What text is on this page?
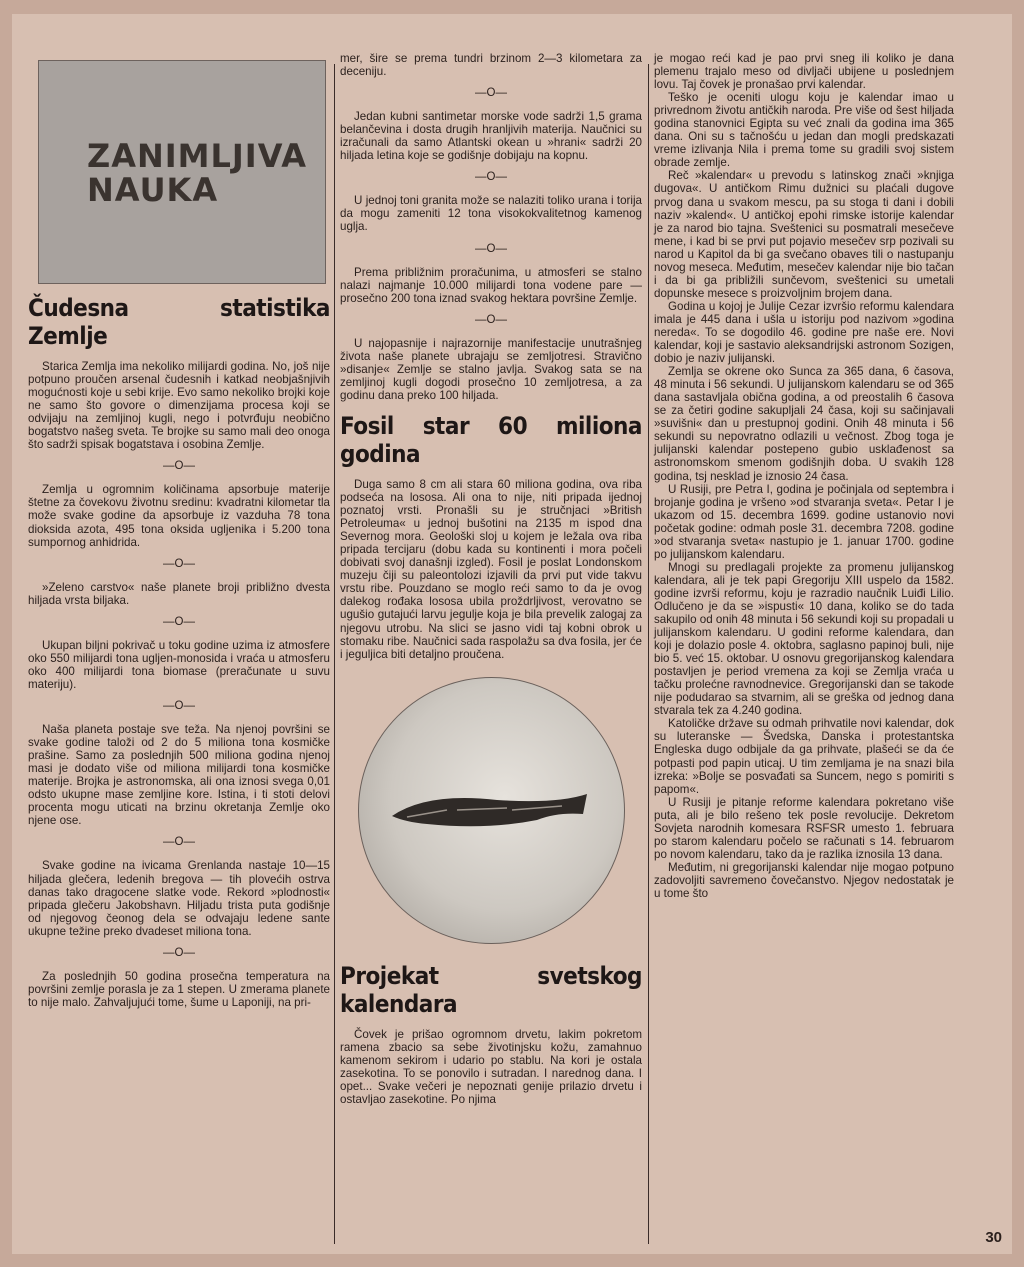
ZANIMLJIVA
NAUKA
Čudesna statistika Zemlje

Starica Zemlja ima nekoliko milijardi godina. No, još nije potpuno proučen arsenal čudesnih i katkad neobjašnjivih mogućnosti koje u sebi krije. Evo samo nekoliko brojki koje ne samo što govore o dimenzijama procesa koji se odvijaju na zemljinoj kugli, nego i potvrđuju neobično bogatstvo našeg sveta. Te brojke su samo mali deo onoga što sadrži spisak bogatstava i osobina Zemlje.

—O—

Zemlja u ogromnim količinama apsorbuje materije štetne za čovekovu životnu sredinu: kvadratni kilometar tla može svake godine da apsorbuje iz vazduha 78 tona dioksida azota, 495 tona oksida ugljenika i 5.200 tona sumpornog anhidrida.

—O—

»Zeleno carstvo« naše planete broji približno dvesta hiljada vrsta biljaka.

—O—

Ukupan biljni pokrivač u toku godine uzima iz atmosfere oko 550 milijardi tona ugljen-monosida i vraća u atmosferu oko 400 milijardi tona biomase (preračunate u suvu materiju).

—O—

Naša planeta postaje sve teža. Na njenoj površini se svake godine taloži od 2 do 5 miliona tona kosmičke prašine. Samo za poslednjih 500 miliona godina njenoj masi je dodato više od miliona milijardi tona kosmičke materije. Brojka je astronomska, ali ona iznosi svega 0,01 odsto ukupne mase zemljine kore. Istina, i ti stoti delovi procenta mogu uticati na brzinu okretanja Zemlje oko njene ose.

—O—

Svake godine na ivicama Grenlanda nastaje 10—15 hiljada glečera, ledenih bregova — tih plovećih ostrva danas tako dragocene slatke vode. Rekord »plodnosti« pripada glečeru Jakobshavn. Hiljadu trista puta godišnje od njegovog čeonog dela se odvajaju ledene sante ukupne težine preko dvadeset miliona tona.

—O—

Za poslednjih 50 godina prosečna temperatura na površini zemlje porasla je za 1 stepen. U zmerama planete to nije malo. Zahvaljujući tome, šume u Laponiji, na pri-

mer, šire se prema tundri brzinom 2—3 kilometara za deceniju.

—O—

Jedan kubni santimetar morske vode sadrži 1,5 grama belančevina i dosta drugih hranljivih materija. Naučnici su izračunali da samo Atlantski okean u »hrani« sadrži 20 hiljada letina koje se godišnje dobijaju na kopnu.

—O—

U jednoj toni granita može se nalaziti toliko urana i torija da mogu zameniti 12 tona visokokvalitetnog kamenog uglja.

—O—

Prema približnim proračunima, u atmosferi se stalno nalazi najmanje 10.000 milijardi tona vodene pare — prosečno 200 tona iznad svakog hektara površine Zemlje.

—O—

U najopasnije i najrazornije manifestacije unutrašnjeg života naše planete ubrajaju se zemljotresi. Stravično »disanje« Zemlje se stalno javlja. Svakog sata se na zemljinoj kugli dogodi prosečno 10 zemljotresa, a za godinu dana preko 100 hiljada.

Fosil star 60 miliona godina

Duga samo 8 cm ali stara 60 miliona godina, ova riba podseća na lososa. Ali ona to nije, niti pripada ijednoj poznatoj vrsti. Pronašli su je stručnjaci »British Petroleuma« u jednoj bušotini na 2135 m ispod dna Severnog mora. Geološki sloj u kojem je ležala ova riba pripada tercijaru (dobu kada su kontinenti i mora počeli dobivati svoj današnji izgled). Fosil je poslat Londonskom muzeju čiji su paleontolozi izjavili da prvi put vide takvu vrstu ribe. Pouzdano se moglo reći samo to da je ovog dalekog rođaka lososa ubila proždrljivost, verovatno se ugušio gutajući larvu jegulje koja je bila prevelik zalogaj za njegovu utrobu. Na slici se jasno vidi taj kobni obrok u stomaku ribe. Naučnici sada raspolažu sa dva fosila, jer će i jeguljica biti detaljno proučena.

Projekat svetskog kalendara

Čovek je prišao ogromnom drvetu, lakim pokretom ramena zbacio sa sebe životinjsku kožu, zamahnuo kamenom sekirom i udario po stablu. Na kori je ostala zasekotina. To se ponovilo i sutradan. I narednog dana. I opet... Svake večeri je nepoznati genije prilazio drvetu i ostavljao zasekotine. Po njima

je mogao reći kad je pao prvi sneg ili koliko je dana plemenu trajalo meso od divljači ubijene u poslednjem lovu. Taj čovek je pronašao prvi kalendar.

Teško je oceniti ulogu koju je kalendar imao u privrednom životu antičkih naroda. Pre više od šest hiljada godina stanovnici Egipta su već znali da godina ima 365 dana. Oni su s tačnošću u jedan dan mogli predskazati vreme izlivanja Nila i prema tome su gradili svoj sistem obrade zemlje.

Reč »kalendar« u prevodu s latinskog znači »knjiga dugova«. U antičkom Rimu dužnici su plaćali dugove prvog dana u svakom mescu, pa su stoga ti dani i dobili naziv »kalend«. U antičkoj epohi rimske istorije kalendar je za narod bio tajna. Sveštenici su posmatrali mesečeve mene, i kad bi se prvi put pojavio mesečev srp pozivali su narod u Kapitol da bi ga svečano obaves tili o nastupanju novog meseca. Međutim, mesečev kalendar nije bio tačan i da bi ga približili sunčevom, sveštenici su umetali dopunske mesece s proizvoljnim brojem dana.

Godina u kojoj je Julije Cezar izvršio reformu kalendara imala je 445 dana i ušla u istoriju pod nazivom »godina nereda«. To se dogodilo 46. godine pre naše ere. Novi kalendar, koji je sastavio aleksandrijski astronom Sozigen, dobio je naziv julijanski.

Zemlja se okrene oko Sunca za 365 dana, 6 časova, 48 minuta i 56 sekundi. U julijanskom kalendaru se od 365 dana sastavljala obična godina, a od preostalih 6 časova se za četiri godine sakupljali 24 časa, koji su sačinjavali »suvišni« dan u prestupnoj godini. Onih 48 minuta i 56 sekundi su nepovratno odlazili u večnost. Zbog toga je julijanski kalendar postepeno gubio usklađenost sa astronomskom smenom godišnjih doba. U svakih 128 godina, tsj nesklad je iznosio 24 časa.

U Rusiji, pre Petra I, godina je počinjala od septembra i brojanje godina je vršeno »od stvaranja sveta«. Petar I je ukazom od 15. decembra 1699. godine ustanovio novi početak godine: odmah posle 31. decembra 7208. godine »od stvaranja sveta« nastupio je 1. januar 1700. godine po julijanskom kalendaru.

Mnogi su predlagali projekte za promenu julijanskog kalendara, ali je tek papi Gregoriju XIII uspelo da 1582. godine izvrši reformu, koju je razradio naučnik Luiđi Lilio. Odlučeno je da se »ispusti« 10 dana, koliko se do tada sakupilo od onih 48 minuta i 56 sekundi koji su propadali u julijanskom kalendaru. U godini reforme kalendara, dan koji je dolazio posle 4. oktobra, saglasno papinoj buli, nije bio 5. već 15. oktobar. U osnovu gregorijanskog kalendara postavljen je period vremena za koji se Zemlja vraća u tačku prolećne ravnodnevice. Gregorijanski dan se takode nije podudarao sa stvarnim, ali se greška od jednog dana stvarala tek za 4.240 godina.

Katoličke države su odmah prihvatile novi kalendar, dok su luteranske — Švedska, Danska i protestantska Engleska dugo odbijale da ga prihvate, plašeći se da će potpasti pod papin uticaj. U tim zemljama je na snazi bila izreka: »Bolje se posvađati sa Suncem, nego s pomiriti s papom«.

U Rusiji je pitanje reforme kalendara pokretano više puta, ali je bilo rešeno tek posle revolucije. Dekretom Sovjeta narodnih komesara RSFSR umesto 1. februara po starom kalendaru počelo se računati s 14. februarom po novom kalendaru, tako da je razlika iznosila 13 dana.

Međutim, ni gregorijanski kalendar nije mogao potpuno zadovoljiti savremeno čovečanstvo. Njegov nedostatak je u tome što

30
